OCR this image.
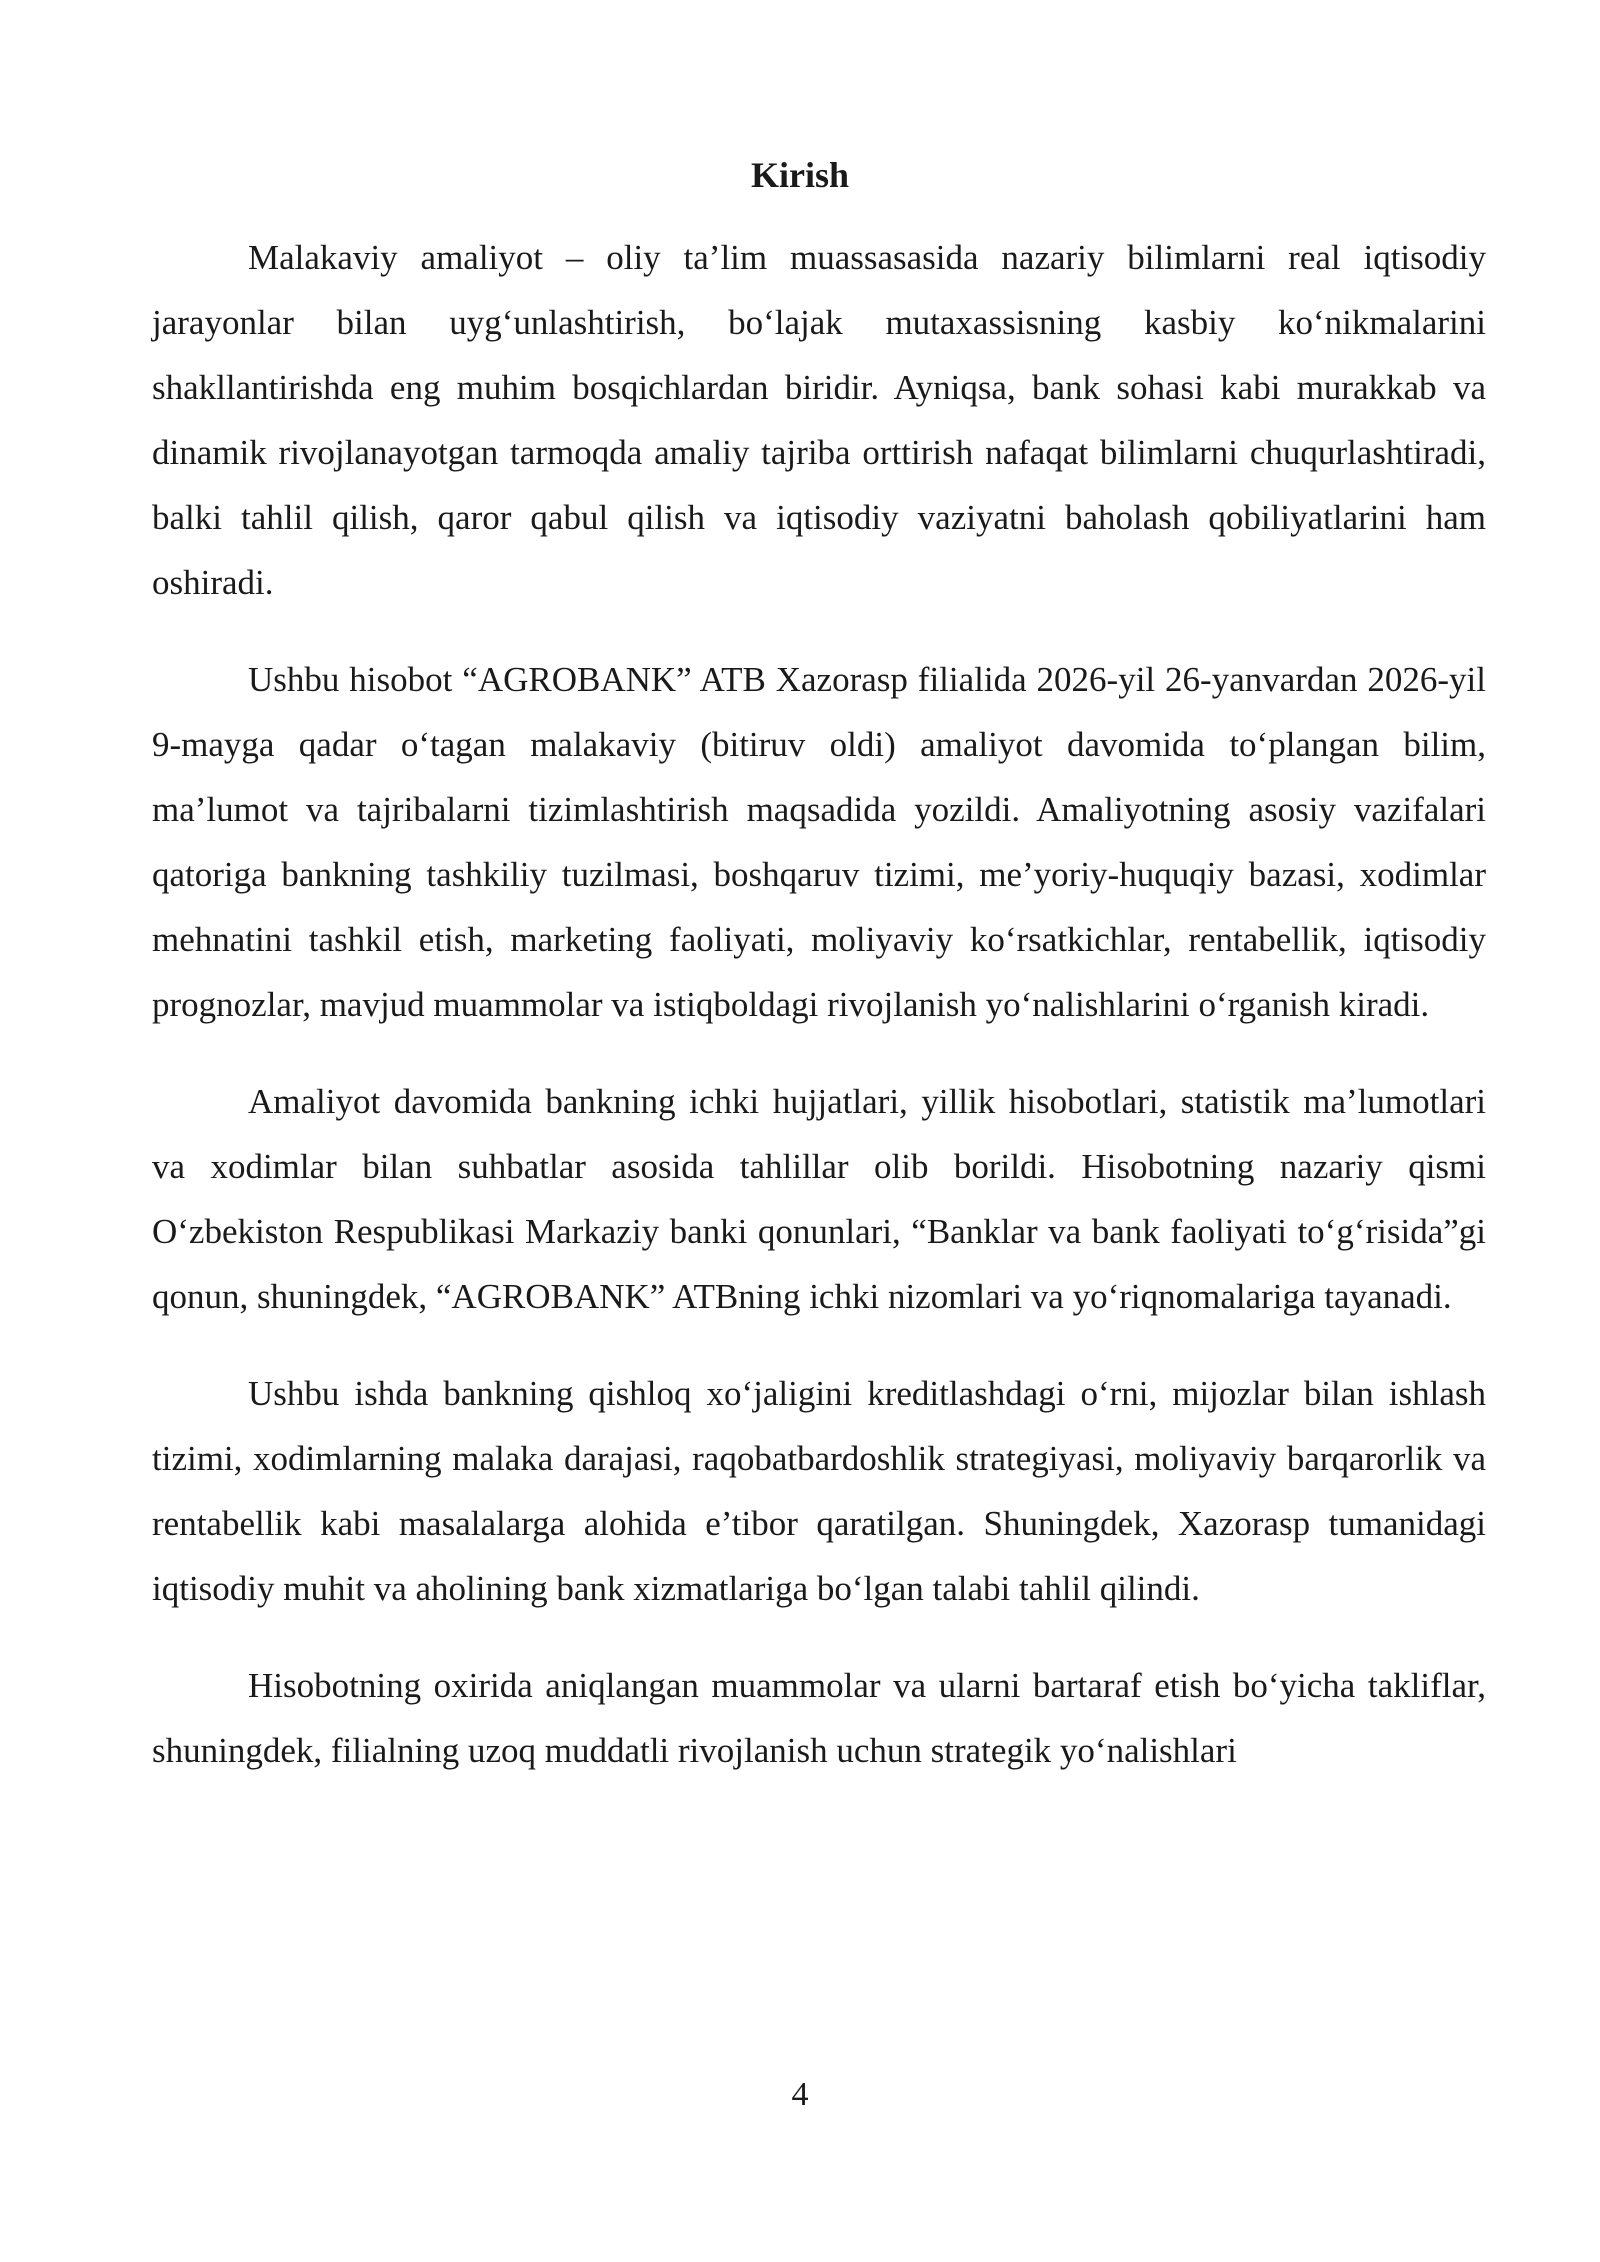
Kirish

Malakaviy amaliyot – oliy ta’lim muassasasida nazariy bilimlarni real iqtisodiy jarayonlar bilan uyg‘unlashtirish, bo‘lajak mutaxassisning kasbiy ko‘nikmalarini shakllantirishda eng muhim bosqichlardan biridir. Ayniqsa, bank sohasi kabi murakkab va dinamik rivojlanayotgan tarmoqda amaliy tajriba orttirish nafaqat bilimlarni chuqurlashtiradi, balki tahlil qilish, qaror qabul qilish va iqtisodiy vaziyatni baholash qobiliyatlarini ham oshiradi.

Ushbu hisobot “AGROBANK” ATB Xazorasp filialida 2026-yil 26-yanvardan 2026-yil 9-mayga qadar o‘tagan malakaviy (bitiruv oldi) amaliyot davomida to‘plangan bilim, ma’lumot va tajribalarni tizimlashtirish maqsadida yozildi. Amaliyotning asosiy vazifalari qatoriga bankning tashkiliy tuzilmasi, boshqaruv tizimi, me’yoriy-huquqiy bazasi, xodimlar mehnatini tashkil etish, marketing faoliyati, moliyaviy ko‘rsatkichlar, rentabellik, iqtisodiy prognozlar, mavjud muammolar va istiqboldagi rivojlanish yo‘nalishlarini o‘rganish kiradi.

Amaliyot davomida bankning ichki hujjatlari, yillik hisobotlari, statistik ma’lumotlari va xodimlar bilan suhbatlar asosida tahlillar olib borildi. Hisobotning nazariy qismi O‘zbekiston Respublikasi Markaziy banki qonunlari, “Banklar va bank faoliyati to‘g‘risida”gi qonun, shuningdek, “AGROBANK” ATBning ichki nizomlari va yo‘riqnomalariga tayanadi.

Ushbu ishda bankning qishloq xo‘jaligini kreditlashdagi o‘rni, mijozlar bilan ishlash tizimi, xodimlarning malaka darajasi, raqobatbardoshlik strategiyasi, moliyaviy barqarorlik va rentabellik kabi masalalarga alohida e’tibor qaratilgan. Shuningdek, Xazorasp tumanidagi iqtisodiy muhit va aholining bank xizmatlariga bo‘lgan talabi tahlil qilindi.

Hisobotning oxirida aniqlangan muammolar va ularni bartaraf etish bo‘yicha takliflar, shuningdek, filialning uzoq muddatli rivojlanish uchun strategik yo‘nalishlari

4
